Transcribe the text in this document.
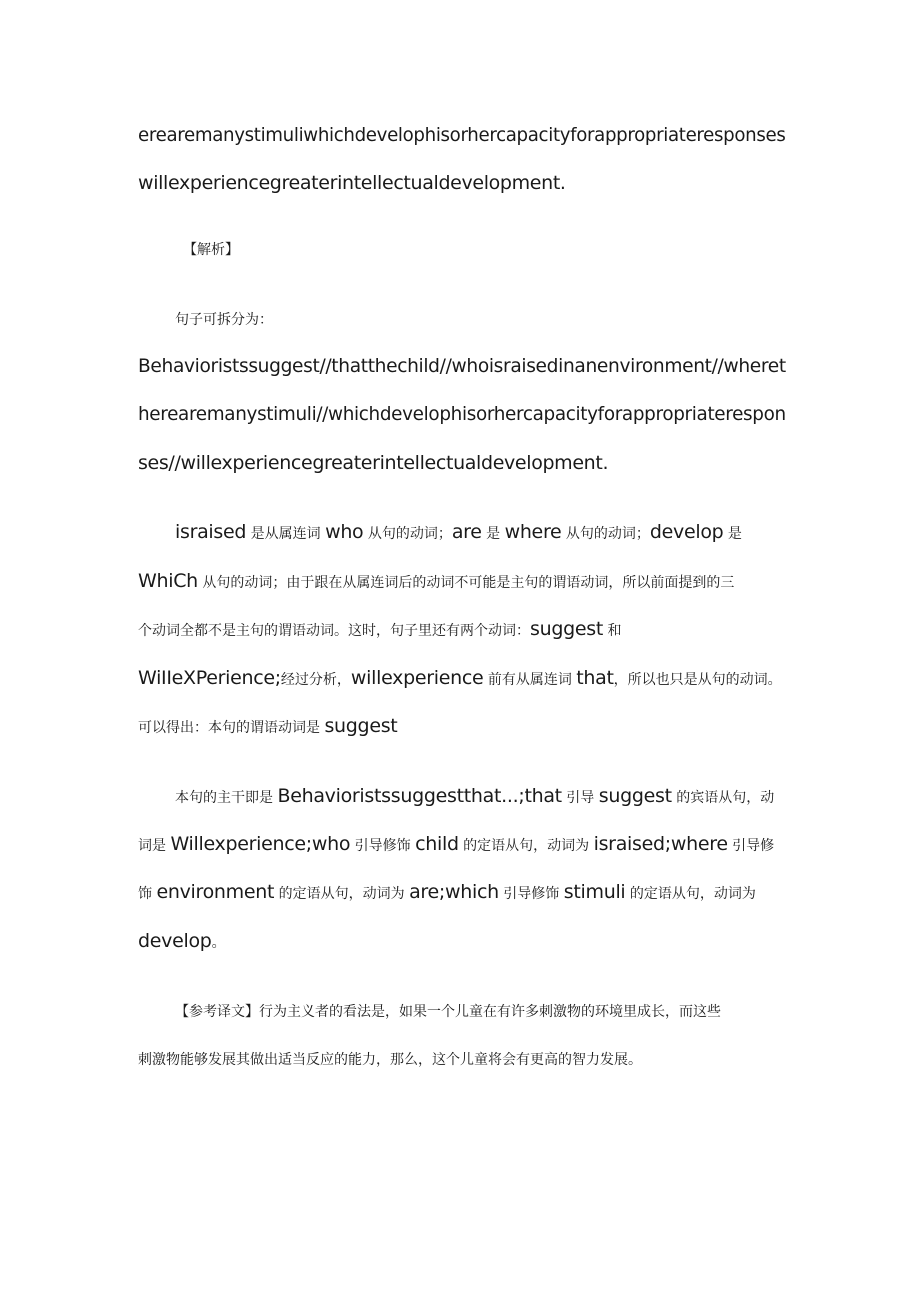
erearemanystimuliwhichdevelophisorhercapacityforappropriateresponses
willexperiencegreaterintellectualdevelopment.
【解析】
句子可拆分为：
Behavioristssuggest//thatthechild//whoisraisedinanenvironment//wheret
herearemanystimuli//whichdevelophisorhercapacityforappropriaterespon
ses//willexperiencegreaterintellectualdevelopment.
israised 是从属连词 who 从句的动词；are 是 where 从句的动词；develop 是
WhiCh 从句的动词；由于跟在从属连词后的动词不可能是主句的谓语动词，所以前面提到的三
个动词全都不是主句的谓语动词。这时，句子里还有两个动词：suggest 和
WiIIeXPerience;经过分析，willexperience 前有从属连词 that，所以也只是从句的动词。
可以得出：本句的谓语动词是 suggest
本句的主干即是 Behavioristssuggestthat...;that 引导 suggest 的宾语从句，动
词是 Willexperience;who 引导修饰 child 的定语从句，动词为 israised;where 引导修
饰 environment 的定语从句，动词为 are;which 引导修饰 stimuli 的定语从句，动词为
develop。
【参考译文】行为主义者的看法是，如果一个儿童在有许多刺激物的环境里成长，而这些
刺激物能够发展其做出适当反应的能力，那么，这个儿童将会有更高的智力发展。
